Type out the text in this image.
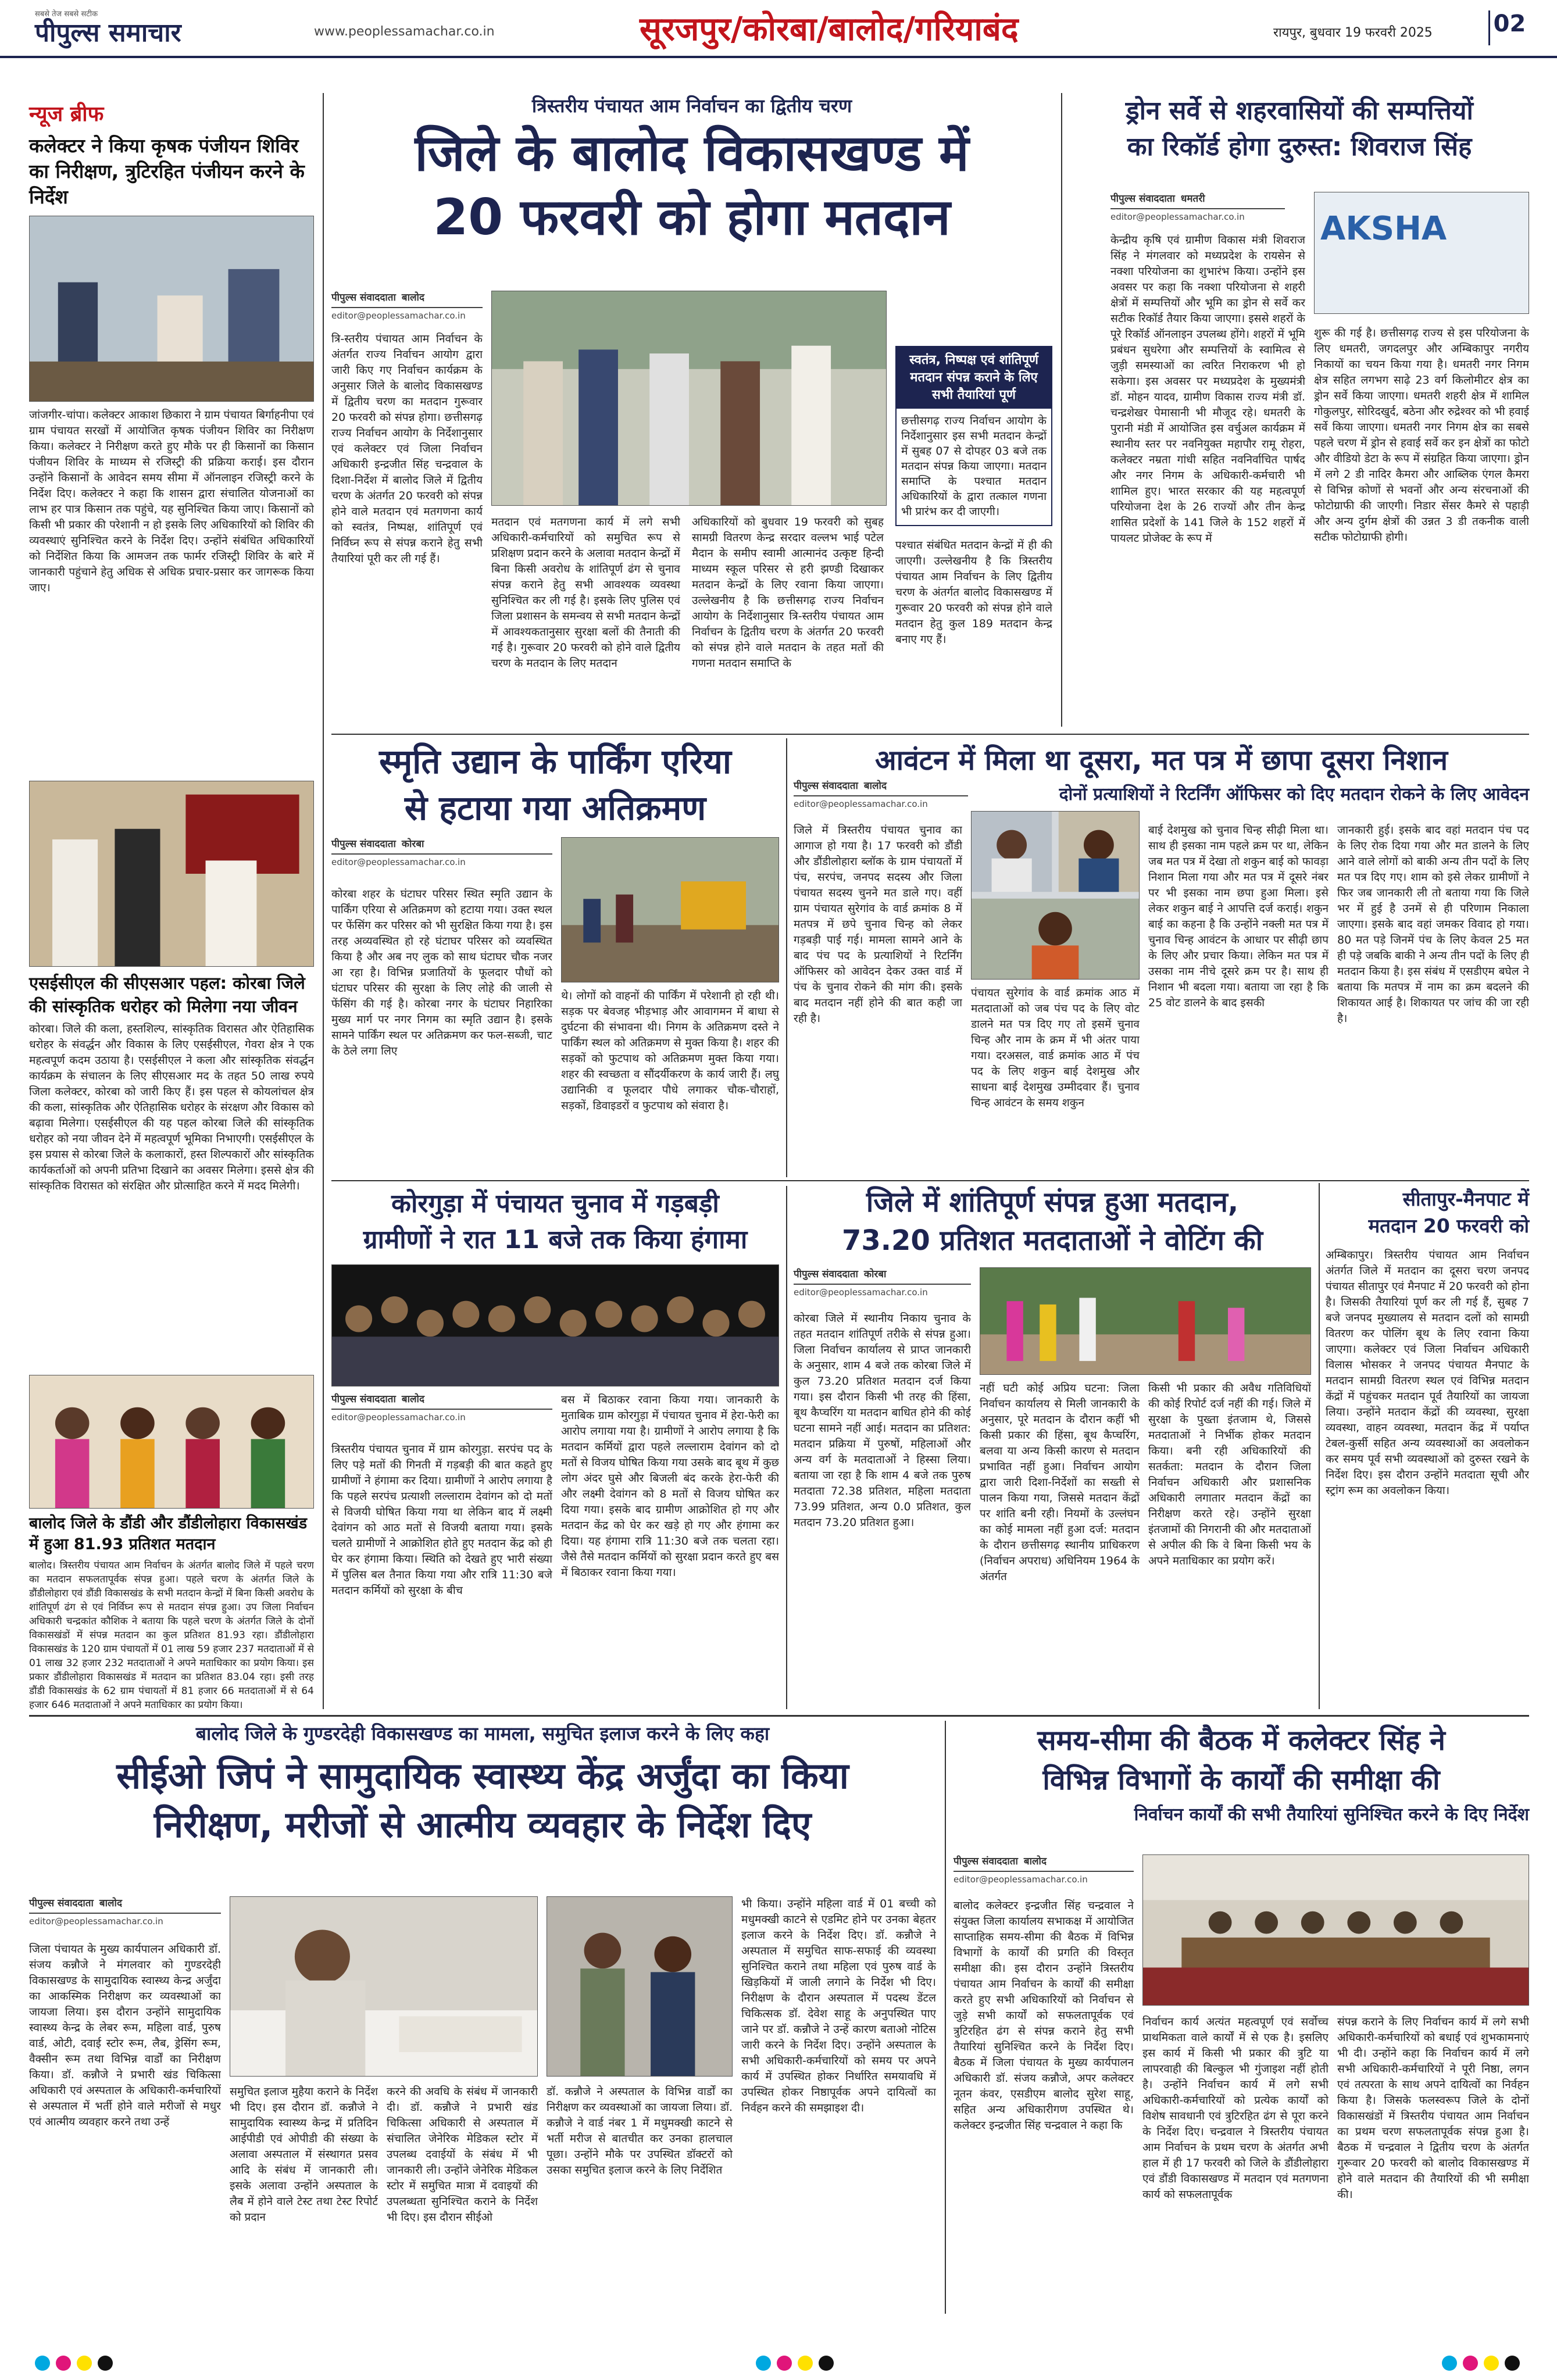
सबसे तेज सबसे सटीक
पीपुल्स समाचार	www.peoplessamachar.co.in	सूरजपुर/कोरबा/बालोद/गरियाबंद	रायपुर, बुधवार 19 फरवरी 2025	02
न्यूज ब्रीफ
कलेक्टर ने किया कृषक पंजीयन शिविर का निरीक्षण, त्रुटिरहित पंजीयन करने के निर्देश
जांजगीर-चांपा। कलेक्टर आकाश छिकारा ने ग्राम पंचायत बिर्गाहनीपा एवं ग्राम पंचायत सरखों में आयोजित कृषक पंजीयन शिविर का निरीक्षण किया। कलेक्टर ने निरीक्षण करते हुए मौके पर ही किसानों का किसान पंजीयन शिविर के माध्यम से रजिस्ट्री की प्रक्रिया कराई। इस दौरान उन्होंने किसानों के आवेदन समय सीमा में ऑनलाइन रजिस्ट्री करने के निर्देश दिए। कलेक्टर ने कहा कि शासन द्वारा संचालित योजनाओं का लाभ हर पात्र किसान तक पहुंचे, यह सुनिश्चित किया जाए। किसानों को किसी भी प्रकार की परेशानी न हो इसके लिए अधिकारियों को शिविर की व्यवस्थाएं सुनिश्चित करने के निर्देश दिए। उन्होंने संबंधित अधिकारियों को निर्देशित किया कि आमजन तक फार्मर रजिस्ट्री शिविर के बारे में जानकारी पहुंचाने हेतु अधिक से अधिक प्रचार-प्रसार कर जागरूक किया जाए।
एसईसीएल की सीएसआर पहल: कोरबा जिले की सांस्कृतिक धरोहर को मिलेगा नया जीवन
कोरबा। जिले की कला, हस्तशिल्प, सांस्कृतिक विरासत और ऐतिहासिक धरोहर के संवर्द्धन और विकास के लिए एसईसीएल, गेवरा क्षेत्र ने एक महत्वपूर्ण कदम उठाया है। एसईसीएल ने कला और सांस्कृतिक संवर्द्धन कार्यक्रम के संचालन के लिए सीएसआर मद के तहत 50 लाख रुपये जिला कलेक्टर, कोरबा को जारी किए हैं। इस पहल से कोयलांचल क्षेत्र की कला, सांस्कृतिक और ऐतिहासिक धरोहर के संरक्षण और विकास को बढ़ावा मिलेगा। एसईसीएल की यह पहल कोरबा जिले की सांस्कृतिक धरोहर को नया जीवन देने में महत्वपूर्ण भूमिका निभाएगी। एसईसीएल के इस प्रयास से कोरबा जिले के कलाकारों, हस्त शिल्पकारों और सांस्कृतिक कार्यकर्ताओं को अपनी प्रतिभा दिखाने का अवसर मिलेगा। इससे क्षेत्र की सांस्कृतिक विरासत को संरक्षित और प्रोत्साहित करने में मदद मिलेगी।
बालोद जिले के डौंडी और डौंडीलोहारा विकासखंड में हुआ 81.93 प्रतिशत मतदान
बालोद। त्रिस्तरीय पंचायत आम निर्वाचन के अंतर्गत बालोद जिले में पहले चरण का मतदान सफलतापूर्वक संपन्न हुआ। पहले चरण के अंतर्गत जिले के डौंडीलोहारा एवं डौंडी विकासखंड के सभी मतदान केन्द्रों में बिना किसी अवरोध के शांतिपूर्ण ढंग से एवं निर्विघ्न रूप से मतदान संपन्न हुआ। उप जिला निर्वाचन अधिकारी चन्द्रकांत कौशिक ने बताया कि पहले चरण के अंतर्गत जिले के दोनों विकासखंडों में संपन्न मतदान का कुल प्रतिशत 81.93 रहा। डौंडीलोहारा विकासखंड के 120 ग्राम पंचायतों में 01 लाख 59 हजार 237 मतदाताओं में से 01 लाख 32 हजार 232 मतदाताओं ने अपने मताधिकार का प्रयोग किया। इस प्रकार डौंडीलोहारा विकासखंड में मतदान का प्रतिशत 83.04 रहा। इसी तरह डौंडी विकासखंड के 62 ग्राम पंचायतों में 81 हजार 66 मतदाताओं में से 64 हजार 646 मतदाताओं ने अपने मताधिकार का प्रयोग किया।
त्रिस्तरीय पंचायत आम निर्वाचन का द्वितीय चरण
जिले के बालोद विकासखण्ड में
20 फरवरी को होगा मतदान
पीपुल्स संवाददाता बालोद
editor@peoplessamachar.co.in
त्रि-स्तरीय पंचायत आम निर्वाचन के अंतर्गत राज्य निर्वाचन आयोग द्वारा जारी किए गए निर्वाचन कार्यक्रम के अनुसार जिले के बालोद विकासखण्ड में द्वितीय चरण का मतदान गुरूवार 20 फरवरी को संपन्न होगा। छत्तीसगढ़ राज्य निर्वाचन आयोग के निर्देशानुसार एवं कलेक्टर एवं जिला निर्वाचन अधिकारी इन्द्रजीत सिंह चन्द्रवाल के दिशा-निर्देश में बालोद जिले में द्वितीय चरण के अंतर्गत 20 फरवरी को संपन्न होने वाले मतदान एवं मतगणना कार्य को स्वतंत्र, निष्पक्ष, शांतिपूर्ण एवं निर्विघ्न रूप से संपन्न कराने हेतु सभी तैयारियां पूरी कर ली गई हैं।
मतदान एवं मतगणना कार्य में लगे सभी अधिकारी-कर्मचारियों को समुचित रूप से प्रशिक्षण प्रदान करने के अलावा मतदान केन्द्रों में बिना किसी अवरोध के शांतिपूर्ण ढंग से चुनाव संपन्न कराने हेतु सभी आवश्यक व्यवस्था सुनिश्चित कर ली गई है। इसके लिए पुलिस एवं जिला प्रशासन के समन्वय से सभी मतदान केन्द्रों में आवश्यकतानुसार सुरक्षा बलों की तैनाती की गई है। गुरूवार 20 फरवरी को होने वाले द्वितीय चरण के मतदान के लिए मतदान
अधिकारियों को बुधवार 19 फरवरी को सुबह सामग्री वितरण केन्द्र सरदार वल्लभ भाई पटेल मैदान के समीप स्वामी आत्मानंद उत्कृष्ट हिन्दी माध्यम स्कूल परिसर से हरी झण्डी दिखाकर मतदान केन्द्रों के लिए रवाना किया जाएगा। उल्लेखनीय है कि छत्तीसगढ़ राज्य निर्वाचन आयोग के निर्देशानुसार त्रि-स्तरीय पंचायत आम निर्वाचन के द्वितीय चरण के अंतर्गत 20 फरवरी को संपन्न होने वाले मतदान के तहत मतों की गणना मतदान समाप्ति के
स्वतंत्र, निष्पक्ष एवं शांतिपूर्ण मतदान संपन्न कराने के लिए सभी तैयारियां पूर्ण
छत्तीसगढ़ राज्य निर्वाचन आयोग के निर्देशानुसार इस सभी मतदान केन्द्रों में सुबह 07 से दोपहर 03 बजे तक मतदान संपन्न किया जाएगा। मतदान समाप्ति के पश्चात मतदान अधिकारियों के द्वारा तत्काल गणना भी प्रारंभ कर दी जाएगी।
पश्चात संबंधित मतदान केन्द्रों में ही की जाएगी। उल्लेखनीय है कि त्रिस्तरीय पंचायत आम निर्वाचन के लिए द्वितीय चरण के अंतर्गत बालोद विकासखण्ड में गुरूवार 20 फरवरी को संपन्न होने वाले मतदान हेतु कुल 189 मतदान केन्द्र बनाए गए हैं।
ड्रोन सर्वे से शहरवासियों की सम्पत्तियों
का रिकॉर्ड होगा दुरुस्त: शिवराज सिंह
पीपुल्स संवाददाता धमतरी
editor@peoplessamachar.co.in	AKSHA
केन्द्रीय कृषि एवं ग्रामीण विकास मंत्री शिवराज सिंह ने मंगलवार को मध्यप्रदेश के रायसेन से नक्शा परियोजना का शुभारंभ किया। उन्होंने इस अवसर पर कहा कि नक्शा परियोजना से शहरी क्षेत्रों में सम्पत्तियों और भूमि का ड्रोन से सर्वे कर सटीक रिकॉर्ड तैयार किया जाएगा। इससे शहरों के पूरे रिकॉर्ड ऑनलाइन उपलब्ध होंगे। शहरों में भूमि प्रबंधन सुधरेगा और सम्पत्तियों के स्वामित्व से जुड़ी समस्याओं का त्वरित निराकरण भी हो सकेगा। इस अवसर पर मध्यप्रदेश के मुख्यमंत्री डॉ. मोहन यादव, ग्रामीण विकास राज्य मंत्री डॉ. चन्द्रशेखर पेमासानी भी मौजूद रहे। धमतरी के पुरानी मंडी में आयोजित इस वर्चुअल कार्यक्रम में स्थानीय स्तर पर नवनियुक्त महापौर रामू रोहरा, कलेक्टर नम्रता गांधी सहित नवनिर्वाचित पार्षद और नगर निगम के अधिकारी-कर्मचारी भी शामिल हुए। भारत सरकार की यह महत्वपूर्ण परियोजना देश के 26 राज्यों और तीन केन्द्र शासित प्रदेशों के 141 जिले के 152 शहरों में पायलट प्रोजेक्ट के रूप में
शुरू की गई है। छत्तीसगढ़ राज्य से इस परियोजना के लिए धमतरी, जगदलपुर और अम्बिकापुर नगरीय निकायों का चयन किया गया है। धमतरी नगर निगम क्षेत्र सहित लगभग साढ़े 23 वर्ग किलोमीटर क्षेत्र का ड्रोन सर्वे किया जाएगा। धमतरी शहरी क्षेत्र में शामिल गोकुलपुर, सोरिदखुर्द, बठेना और रुद्रेश्वर को भी हवाई सर्वे किया जाएगा। धमतरी नगर निगम क्षेत्र का सबसे पहले चरण में ड्रोन से हवाई सर्वे कर इन क्षेत्रों का फोटो और वीडियो डेटा के रूप में संग्रहित किया जाएगा। ड्रोन में लगे 2 डी नादिर कैमरा और आब्लिक एंगल कैमरा से विभिन्न कोणों से भवनों और अन्य संरचनाओं की फोटोग्राफी की जाएगी। निडार सेंसर कैमरे से पहाड़ी और अन्य दुर्गम क्षेत्रों की उन्नत 3 डी तकनीक वाली सटीक फोटोग्राफी होगी।
स्मृति उद्यान के पार्किंग एरिया
से हटाया गया अतिक्रमण
पीपुल्स संवाददाता कोरबा
editor@peoplessamachar.co.in
कोरबा शहर के घंटाघर परिसर स्थित स्मृति उद्यान के पार्किंग एरिया से अतिक्रमण को हटाया गया। उक्त स्थल पर फेंसिंग कर परिसर को भी सुरक्षित किया गया है। इस तरह अव्यवस्थित हो रहे घंटाघर परिसर को व्यवस्थित किया है और अब नए लुक को साथ घंटाघर चौक नजर आ रहा है। विभिन्न प्रजातियों के फूलदार पौधों को घंटाघर परिसर की सुरक्षा के लिए लोहे की जाली से फेंसिंग की गई है। कोरबा नगर के घंटाघर निहारिका मुख्य मार्ग पर नगर निगम का स्मृति उद्यान है। इसके सामने पार्किंग स्थल पर अतिक्रमण कर फल-सब्जी, चाट के ठेले लगा लिए
थे। लोगों को वाहनों की पार्किंग में परेशानी हो रही थी। सड़क पर बेवजह भीड़भाड़ और आवागमन में बाधा से दुर्घटना की संभावना थी। निगम के अतिक्रमण दस्ते ने पार्किंग स्थल को अतिक्रमण से मुक्त किया है। शहर की सड़कों को फुटपाथ को अतिक्रमण मुक्त किया गया। शहर की स्वच्छता व सौंदर्यीकरण के कार्य जारी हैं। लघु उद्यानिकी व फूलदार पौधे लगाकर चौक-चौराहों, सड़कों, डिवाइडरों व फुटपाथ को संवारा है।
आवंटन में मिला था दूसरा, मत पत्र में छापा दूसरा निशान
दोनों प्रत्याशियों ने रिटर्निंग ऑफिसर को दिए मतदान रोकने के लिए आवेदन
पीपुल्स संवाददाता बालोद
editor@peoplessamachar.co.in
जिले में त्रिस्तरीय पंचायत चुनाव का आगाज हो गया है। 17 फरवरी को डौंडी और डौंडीलोहारा ब्लॉक के ग्राम पंचायतों में पंच, सरपंच, जनपद सदस्य और जिला पंचायत सदस्य चुनने मत डाले गए। वहीं ग्राम पंचायत सुरेगांव के वार्ड क्रमांक 8 में मतपत्र में छपे चुनाव चिन्ह को लेकर गड़बड़ी पाई गई। मामला सामने आने के बाद पंच पद के प्रत्याशियों ने रिटर्निंग ऑफिसर को आवेदन देकर उक्त वार्ड में पंच के चुनाव रोकने की मांग की। इसके बाद मतदान नहीं होने की बात कही जा रही है।
पंचायत सुरेगांव के वार्ड क्रमांक आठ में मतदाताओं को जब पंच पद के लिए वोट डालने मत पत्र दिए गए तो इसमें चुनाव चिन्ह और नाम के क्रम में भी अंतर पाया गया। दरअसल, वार्ड क्रमांक आठ में पंच पद के लिए शकुन बाई देशमुख और साधना बाई देशमुख उम्मीदवार हैं। चुनाव चिन्ह आवंटन के समय शकुन
बाई देशमुख को चुनाव चिन्ह सीढ़ी मिला था। साथ ही इसका नाम पहले क्रम पर था, लेकिन जब मत पत्र में देखा तो शकुन बाई को फावड़ा निशान मिला गया और मत पत्र में दूसरे नंबर पर भी इसका नाम छपा हुआ मिला। इसे लेकर शकुन बाई ने आपत्ति दर्ज कराई। शकुन बाई का कहना है कि उन्होंने नक्ली मत पत्र में चुनाव चिन्ह आवंटन के आधार पर सीढ़ी छाप के लिए और प्रचार किया। लेकिन मत पत्र में उसका नाम नीचे दूसरे क्रम पर है। साथ ही निशान भी बदला गया। बताया जा रहा है कि 25 वोट डालने के बाद इसकी
जानकारी हुई। इसके बाद वहां मतदान पंच पद के लिए रोक दिया गया और मत डालने के लिए आने वाले लोगों को बाकी अन्य तीन पदों के लिए मत पत्र दिए गए। शाम को इसे लेकर ग्रामीणों ने फिर जब जानकारी ली तो बताया गया कि जिले भर में हुई है उनमें से ही परिणाम निकाला जाएगा। इसके बाद वहां जमकर विवाद हो गया। 80 मत पड़े जिनमें पंच के लिए केवल 25 मत ही पड़े जबकि बाकी ने अन्य तीन पदों के लिए ही मतदान किया है। इस संबंध में एसडीएम बघेल ने बताया कि मतपत्र में नाम का क्रम बदलने की शिकायत आई है। शिकायत पर जांच की जा रही है।
कोरगुड़ा में पंचायत चुनाव में गड़बड़ी
ग्रामीणों ने रात 11 बजे तक किया हंगामा
पीपुल्स संवाददाता बालोद
editor@peoplessamachar.co.in
त्रिस्तरीय पंचायत चुनाव में ग्राम कोरगुड़ा. सरपंच पद के लिए पड़े मतों की गिनती में गड़बड़ी की बात कहते हुए ग्रामीणों ने हंगामा कर दिया। ग्रामीणों ने आरोप लगाया है कि पहले सरपंच प्रत्याशी लल्लाराम देवांगन को दो मतों से विजयी घोषित किया गया था लेकिन बाद में लक्ष्मी देवांगन को आठ मतों से विजयी बताया गया। इसके चलते ग्रामीणों ने आक्रोशित होते हुए मतदान केंद्र को ही घेर कर हंगामा किया। स्थिति को देखते हुए भारी संख्या में पुलिस बल तैनात किया गया और रात्रि 11:30 बजे मतदान कर्मियों को सुरक्षा के बीच
बस में बिठाकर रवाना किया गया। जानकारी के मुताबिक ग्राम कोरगुड़ा में पंचायत चुनाव में हेरा-फेरी का आरोप लगाया गया है। ग्रामीणों ने आरोप लगाया है कि मतदान कर्मियों द्वारा पहले लल्लाराम देवांगन को दो मतों से विजय घोषित किया गया उसके बाद बूथ में कुछ लोग अंदर घुसे और बिजली बंद करके हेरा-फेरी की और लक्ष्मी देवांगन को 8 मतों से विजय घोषित कर दिया गया। इसके बाद ग्रामीण आक्रोशित हो गए और मतदान केंद्र को घेर कर खड़े हो गए और हंगामा कर दिया। यह हंगामा रात्रि 11:30 बजे तक चलता रहा। जैसे तैसे मतदान कर्मियों को सुरक्षा प्रदान करते हुए बस में बिठाकर रवाना किया गया।
जिले में शांतिपूर्ण संपन्न हुआ मतदान,
73.20 प्रतिशत मतदाताओं ने वोटिंग की
पीपुल्स संवाददाता कोरबा
editor@peoplessamachar.co.in
कोरबा जिले में स्थानीय निकाय चुनाव के तहत मतदान शांतिपूर्ण तरीके से संपन्न हुआ। जिला निर्वाचन कार्यालय से प्राप्त जानकारी के अनुसार, शाम 4 बजे तक कोरबा जिले में कुल 73.20 प्रतिशत मतदान दर्ज किया गया। इस दौरान किसी भी तरह की हिंसा, बूथ कैप्चरिंग या मतदान बाधित होने की कोई घटना सामने नहीं आई। मतदान का प्रतिशत: मतदान प्रक्रिया में पुरुषों, महिलाओं और अन्य वर्ग के मतदाताओं ने हिस्सा लिया। बताया जा रहा है कि शाम 4 बजे तक पुरुष मतदाता 72.38 प्रतिशत, महिला मतदाता 73.99 प्रतिशत, अन्य 0.0 प्रतिशत, कुल मतदान 73.20 प्रतिशत हुआ।
नहीं घटी कोई अप्रिय घटना: जिला निर्वाचन कार्यालय से मिली जानकारी के अनुसार, पूरे मतदान के दौरान कहीं भी किसी प्रकार की हिंसा, बूथ कैप्चरिंग, बलवा या अन्य किसी कारण से मतदान प्रभावित नहीं हुआ। निर्वाचन आयोग द्वारा जारी दिशा-निर्देशों का सख्ती से पालन किया गया, जिससे मतदान केंद्रों पर शांति बनी रही। नियमों के उल्लंघन का कोई मामला नहीं हुआ दर्ज: मतदान के दौरान छत्तीसगढ़ स्थानीय प्राधिकरण (निर्वाचन अपराध) अधिनियम 1964 के अंतर्गत
किसी भी प्रकार की अवैध गतिविधियों की कोई रिपोर्ट दर्ज नहीं की गई। जिले में सुरक्षा के पुख्ता इंतजाम थे, जिससे मतदाताओं ने निर्भीक होकर मतदान किया। बनी रही अधिकारियों की सतर्कता: मतदान के दौरान जिला निर्वाचन अधिकारी और प्रशासनिक अधिकारी लगातार मतदान केंद्रों का निरीक्षण करते रहे। उन्होंने सुरक्षा इंतजामों की निगरानी की और मतदाताओं से अपील की कि वे बिना किसी भय के अपने मताधिकार का प्रयोग करें।
सीतापुर-मैनपाट में
मतदान 20 फरवरी को
अम्बिकापुर। त्रिस्तरीय पंचायत आम निर्वाचन अंतर्गत जिले में मतदान का दूसरा चरण जनपद पंचायत सीतापुर एवं मैनपाट में 20 फरवरी को होना है। जिसकी तैयारियां पूर्ण कर ली गई हैं, सुबह 7 बजे जनपद मुख्यालय से मतदान दलों को सामग्री वितरण कर पोलिंग बूथ के लिए रवाना किया जाएगा। कलेक्टर एवं जिला निर्वाचन अधिकारी विलास भोसकर ने जनपद पंचायत मैनपाट के मतदान सामग्री वितरण स्थल एवं विभिन्न मतदान केंद्रों में पहुंचकर मतदान पूर्व तैयारियों का जायजा लिया। उन्होंने मतदान केंद्रों की व्यवस्था, सुरक्षा व्यवस्था, वाहन व्यवस्था, मतदान केंद्र में पर्याप्त टेबल-कुर्सी सहित अन्य व्यवस्थाओं का अवलोकन कर समय पूर्व सभी व्यवस्थाओं को दुरुस्त रखने के निर्देश दिए। इस दौरान उन्होंने मतदाता सूची और स्ट्रांग रूम का अवलोकन किया।
बालोद जिले के गुण्डरदेही विकासखण्ड का मामला, समुचित इलाज करने के लिए कहा
सीईओ जिपं ने सामुदायिक स्वास्थ्य केंद्र अर्जुंदा का किया
निरीक्षण, मरीजों से आत्मीय व्यवहार के निर्देश दिए
पीपुल्स संवाददाता बालोद
editor@peoplessamachar.co.in
जिला पंचायत के मुख्य कार्यपालन अधिकारी डॉ. संजय कन्नौजे ने मंगलवार को गुण्डरदेही विकासखण्ड के सामुदायिक स्वास्थ्य केन्द्र अर्जुंदा का आकस्मिक निरीक्षण कर व्यवस्थाओं का जायजा लिया। इस दौरान उन्होंने सामुदायिक स्वास्थ्य केन्द्र के लेबर रूम, महिला वार्ड, पुरुष वार्ड, ओटी, दवाई स्टोर रूम, लैब, ड्रेसिंग रूम, वैक्सीन रूम तथा विभिन्न वार्डों का निरीक्षण किया। डॉ. कन्नौजे ने प्रभारी खंड चिकित्सा अधिकारी एवं अस्पताल के अधिकारी-कर्मचारियों से अस्पताल में भर्ती होने वाले मरीजों से मधुर एवं आत्मीय व्यवहार करने तथा उन्हें
समुचित इलाज मुहैया कराने के निर्देश भी दिए। इस दौरान डॉ. कन्नौजे ने सामुदायिक स्वास्थ्य केन्द्र में प्रतिदिन आईपीडी एवं ओपीडी की संख्या के अलावा अस्पताल में संस्थागत प्रसव आदि के संबंध में जानकारी ली। इसके अलावा उन्होंने अस्पताल के लैब में होने वाले टेस्ट तथा टेस्ट रिपोर्ट को प्रदान
करने की अवधि के संबंध में जानकारी दी। डॉ. कन्नौजे ने प्रभारी खंड चिकित्सा अधिकारी से अस्पताल में संचालित जेनेरिक मेडिकल स्टोर में उपलब्ध दवाईयों के संबंध में भी जानकारी ली। उन्होंने जेनेरिक मेडिकल स्टोर में समुचित मात्रा में दवाइयों की उपलब्धता सुनिश्चित कराने के निर्देश भी दिए। इस दौरान सीईओ
डॉ. कन्नौजे ने अस्पताल के विभिन्न वार्डों का निरीक्षण कर व्यवस्थाओं का जायजा लिया। डॉ. कन्नौजे ने वार्ड नंबर 1 में मधुमक्खी काटने से भर्ती मरीज से बातचीत कर उनका हालचाल पूछा। उन्होंने मौके पर उपस्थित डॉक्टरों को उसका समुचित इलाज करने के लिए निर्देशित
भी किया। उन्होंने महिला वार्ड में 01 बच्ची को मधुमक्खी काटने से एडमिट होने पर उनका बेहतर इलाज करने के निर्देश दिए। डॉ. कन्नौजे ने अस्पताल में समुचित साफ-सफाई की व्यवस्था सुनिश्चित कराने तथा महिला एवं पुरुष वार्ड के खिड़कियों में जाली लगाने के निर्देश भी दिए। निरीक्षण के दौरान अस्पताल में पदस्थ डेंटल चिकित्सक डॉ. देवेश साहू के अनुपस्थित पाए जाने पर डॉ. कन्नौजे ने उन्हें कारण बताओ नोटिस जारी करने के निर्देश दिए। उन्होंने अस्पताल के सभी अधिकारी-कर्मचारियों को समय पर अपने कार्य में उपस्थित होकर निर्धारित समयावधि में उपस्थित होकर निष्ठापूर्वक अपने दायित्वों का निर्वहन करने की समझाइश दी।
समय-सीमा की बैठक में कलेक्टर सिंह ने
विभिन्न विभागों के कार्यों की समीक्षा की
निर्वाचन कार्यों की सभी तैयारियां सुनिश्चित करने के दिए निर्देश
पीपुल्स संवाददाता बालोद
editor@peoplessamachar.co.in
बालोद कलेक्टर इन्द्रजीत सिंह चन्द्रवाल ने संयुक्त जिला कार्यालय सभाकक्ष में आयोजित साप्ताहिक समय-सीमा की बैठक में विभिन्न विभागों के कार्यों की प्रगति की विस्तृत समीक्षा की। इस दौरान उन्होंने त्रिस्तरीय पंचायत आम निर्वाचन के कार्यों की समीक्षा करते हुए सभी अधिकारियों को निर्वाचन से जुड़े सभी कार्यों को सफलतापूर्वक एवं त्रुटिरहित ढंग से संपन्न कराने हेतु सभी तैयारियां सुनिश्चित करने के निर्देश दिए। बैठक में जिला पंचायत के मुख्य कार्यपालन अधिकारी डॉ. संजय कन्नौजे, अपर कलेक्टर नूतन कंवर, एसडीएम बालोद सुरेश साहू, सहित अन्य अधिकारीगण उपस्थित थे। कलेक्टर इन्द्रजीत सिंह चन्द्रवाल ने कहा कि
निर्वाचन कार्य अत्यंत महत्वपूर्ण एवं सर्वोच्च प्राथमिकता वाले कार्यों में से एक है। इसलिए इस कार्य में किसी भी प्रकार की त्रुटि या लापरवाही की बिल्कुल भी गुंजाइश नहीं होती है। उन्होंने निर्वाचन कार्य में लगे सभी अधिकारी-कर्मचारियों को प्रत्येक कार्यों को विशेष सावधानी एवं त्रुटिरहित ढंग से पूरा करने के निर्देश दिए। चन्द्रवाल ने त्रिस्तरीय पंचायत आम निर्वाचन के प्रथम चरण के अंतर्गत अभी हाल में ही 17 फरवरी को जिले के डौंडीलोहारा एवं डौंडी विकासखण्ड में मतदान एवं मतगणना कार्य को सफलतापूर्वक
संपन्न कराने के लिए निर्वाचन कार्य में लगे सभी अधिकारी-कर्मचारियों को बधाई एवं शुभकामनाएं भी दी। उन्होंने कहा कि निर्वाचन कार्य में लगे सभी अधिकारी-कर्मचारियों ने पूरी निष्ठा, लगन एवं तत्परता के साथ अपने दायित्वों का निर्वहन किया है। जिसके फलस्वरूप जिले के दोनों विकासखंडों में त्रिस्तरीय पंचायत आम निर्वाचन का प्रथम चरण सफलतापूर्वक संपन्न हुआ है। बैठक में चन्द्रवाल ने द्वितीय चरण के अंतर्गत गुरूवार 20 फरवरी को बालोद विकासखण्ड में होने वाले मतदान की तैयारियों की भी समीक्षा की।
